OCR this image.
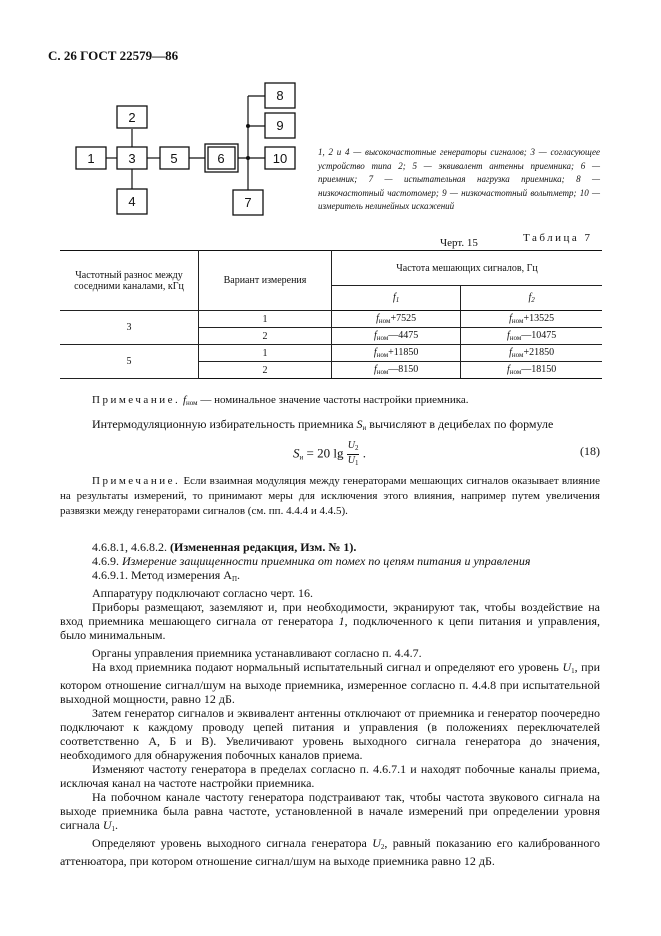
С. 26 ГОСТ 22579—86
1
2
3
4
5	6
7
8
9
10	1, 2 и 4 — высокочастотные генераторы сигналов; 3 — согласующее устройство типа 2; 5 — эквивалент антенны приемника; 6 — приемник; 7 — испытательная нагрузка приемника; 8 — низкочастотный частотомер; 9 — низкочастотный вольтметр; 10 — измеритель нелинейных искажений
Черт. 15	Таблица 7
Частотный разнос между соседними каналами, кГц	Вариант измерения	Частота мешающих сигналов, Гц	
		$f_1$	$f_2$
3	1	$f_{ном}+7525$	$f_{ном}+13525$
	2	$f_{ном}—4475$	$f_{ном}—10475$
5	1	$f_{ном}+11850$	$f_{ном}+21850$
	2	$f_{ном}—8150$	$f_{ном}—18150$
Примечание. fном — номинальное значение частоты настройки приемника.
Интермодуляционную избирательность приемника Sи вычисляют в децибелах по формуле
Sи = 20 $\lg \frac{U_2}{U_1}$ .	(18)
Примечание. Если взаимная модуляция между генераторами мешающих сигналов оказывает влияние на результаты измерений, то принимают меры для исключения этого влияния, например путем увеличения развязки между генераторами сигналов (см. пп. 4.4.4 и 4.4.5).

4.6.8.1, 4.6.8.2. (Измененная редакция, Изм. № 1).

4.6.9. Измерение защищенности приемника от помех по цепям питания и управления

4.6.9.1. Метод измерения АП.

Аппаратуру подключают согласно черт. 16.

Приборы размещают, заземляют и, при необходимости, экранируют так, чтобы воздействие на вход приемника мешающего сигнала от генератора 1, подключенного к цепи питания и управления, было минимальным.

Органы управления приемника устанавливают согласно п. 4.4.7.

На вход приемника подают нормальный испытательный сигнал и определяют его уровень U1, при котором отношение сигнал/шум на выходе приемника, измеренное согласно п. 4.4.8 при испытательной выходной мощности, равно 12 дБ.

Затем генератор сигналов и эквивалент антенны отключают от приемника и генератор поочередно подключают к каждому проводу цепей питания и управления (в положениях переключателей соответственно А, Б и В). Увеличивают уровень выходного сигнала генератора до значения, необходимого для обнаружения побочных каналов приема.

Изменяют частоту генератора в пределах согласно п. 4.6.7.1 и находят побочные каналы приема, исключая канал на частоте настройки приемника.

На побочном канале частоту генератора подстраивают так, чтобы частота звукового сигнала на выходе приемника была равна частоте, установленной в начале измерений при определении уровня сигнала U1.

Определяют уровень выходного сигнала генератора U2, равный показанию его калиброванного аттенюатора, при котором отношение сигнал/шум на выходе приемника равно 12 дБ.
